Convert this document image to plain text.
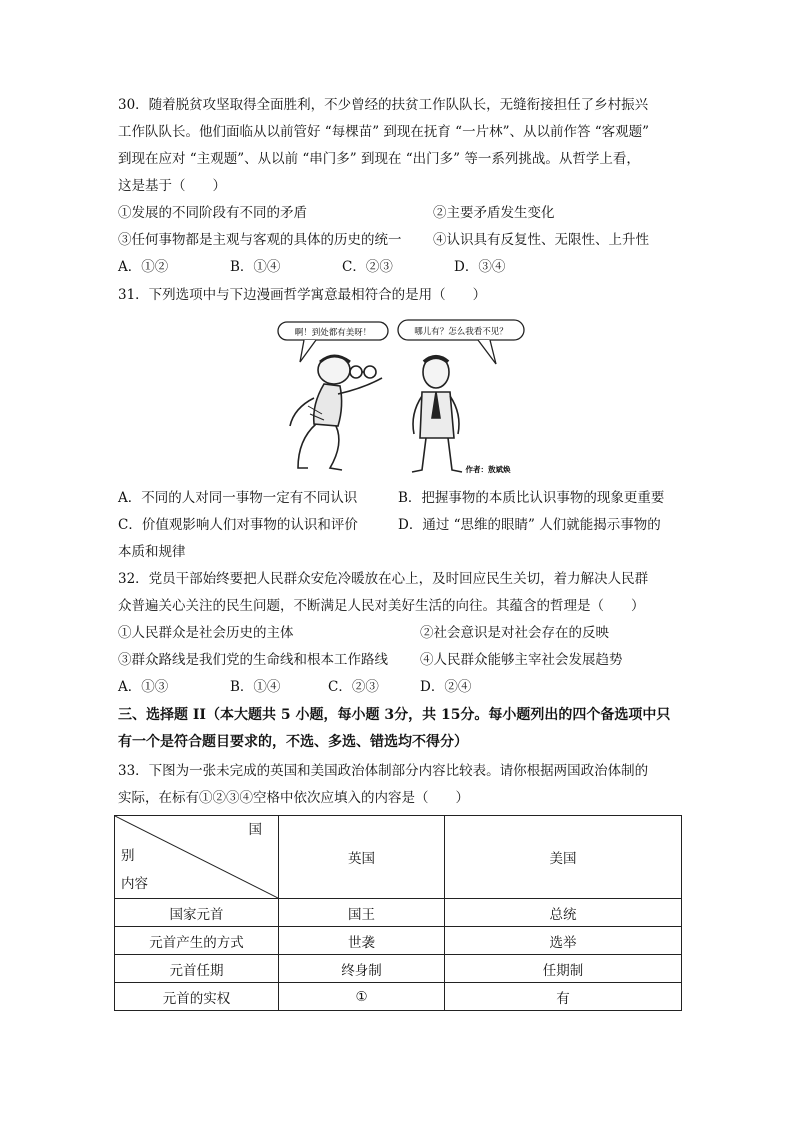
30．随着脱贫攻坚取得全面胜利，不少曾经的扶贫工作队队长，无缝衔接担任了乡村振兴
工作队队长。他们面临从以前管好 “每棵苗” 到现在抚育 “一片林”、从以前作答 “客观题”
到现在应对 “主观题”、从以前 “串门多” 到现在 “出门多” 等一系列挑战。从哲学上看，
这是基于（　　）
①发展的不同阶段有不同的矛盾	②主要矛盾发生变化
③任何事物都是主观与客观的具体的历史的统一 ④认识具有反复性、无限性、上升性
A．①②	B．①④	C．②③	D．③④
31．下列选项中与下边漫画哲学寓意最相符合的是用（　　）
啊！到处都有美呀！	哪儿有？怎么我看不见？
作者：敖斌焕
A．不同的人对同一事物一定有不同认识	B．把握事物的本质比认识事物的现象更重要
C．价值观影响人们对事物的认识和评价	D．通过 “思维的眼睛” 人们就能揭示事物的
本质和规律
32．党员干部始终要把人民群众安危冷暖放在心上，及时回应民生关切，着力解决人民群
众普遍关心关注的民生问题，不断满足人民对美好生活的向往。其蕴含的哲理是（　　）
①人民群众是社会历史的主体	②社会意识是对社会存在的反映
③群众路线是我们党的生命线和根本工作路线 ④人民群众能够主宰社会发展趋势
A．①③	B．①④	C．②③	D．②④
三、选择题 II（本大题共 5 小题，每小题 3分，共 15分。每小题列出的四个备选项中只
有一个是符合题目要求的，不选、多选、错选均不得分）
33．下图为一张未完成的英国和美国政治体制部分内容比较表。请你根据两国政治体制的
实际，在标有①②③④空格中依次应填入的内容是（　　）
国
别
内容	英国	美国
国家元首	国王	总统
元首产生的方式	世袭	选举
元首任期	终身制	任期制
元首的实权	①	有
